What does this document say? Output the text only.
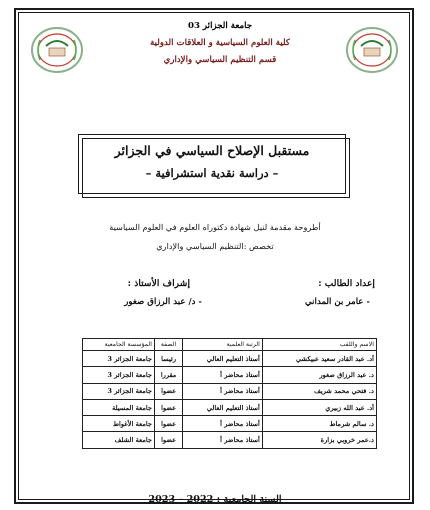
جامعة الجزائر 03
كلية العلوم السياسية و العلاقات الدولية
قسم التنظيم السياسي والإداري
مستقبل الإصلاح السياسي في الجزائر
– دراسة نقدية استشرافية –
أطروحة مقدمة لنيل شهادة دكتوراه العلوم في العلوم السياسية
تخصص :التنظيم السياسي والإداري
إعداد الطالب :
إشراف الأستاذ :
- عامر بن المداني
- د/ عبد الرزاق صغور
الاسم واللقب	الرتبة العلمية	الصفة	المؤسسة الجامعية
أد. عبد القادر سعيد عبيكشي	أستاذ التعليم العالي	رئيسا	جامعة الجزائر 3
د. عبد الرزاق صغور	أستاذ محاضر أ	مقررا	جامعة الجزائر 3
د. فتحي محمد شريف	أستاذ محاضر أ	عضوا	جامعة الجزائر 3
أد. عبد الله زبيري	أستاذ التعليم العالي	عضوا	جامعة المسيلة
د. سالم شرماط	أستاذ محاضر أ	عضوا	جامعة الأغواط
د.عمر خروبي بزارة	أستاذ محاضر أ	عضوا	جامعة الشلف
السنة الجامعية : 2022 – 2023
